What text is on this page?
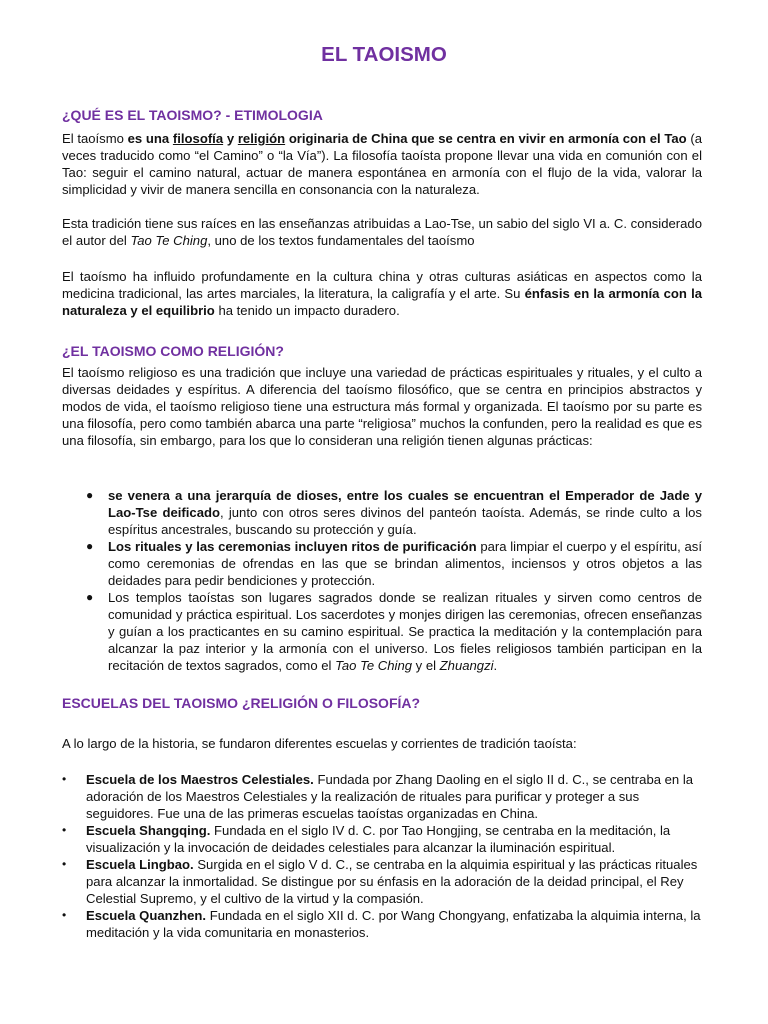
EL TAOISMO
¿QUÉ ES EL TAOISMO? - ETIMOLOGIA
El taoísmo es una filosofía y religión originaria de China que se centra en vivir en armonía con el Tao (a veces traducido como “el Camino” o “la Vía”). La filosofía taoísta propone llevar una vida en comunión con el Tao: seguir el camino natural, actuar de manera espontánea en armonía con el flujo de la vida, valorar la simplicidad y vivir de manera sencilla en consonancia con la naturaleza.
Esta tradición tiene sus raíces en las enseñanzas atribuidas a Lao-Tse, un sabio del siglo VI a. C. considerado el autor del Tao Te Ching, uno de los textos fundamentales del taoísmo
El taoísmo ha influido profundamente en la cultura china y otras culturas asiáticas en aspectos como la medicina tradicional, las artes marciales, la literatura, la caligrafía y el arte. Su énfasis en la armonía con la naturaleza y el equilibrio ha tenido un impacto duradero.
¿EL TAOISMO COMO RELIGIÓN?
El taoísmo religioso es una tradición que incluye una variedad de prácticas espirituales y rituales, y el culto a diversas deidades y espíritus. A diferencia del taoísmo filosófico, que se centra en principios abstractos y modos de vida, el taoísmo religioso tiene una estructura más formal y organizada. El taoísmo por su parte es una filosofía, pero como también abarca una parte “religiosa” muchos la confunden, pero la realidad es que es una filosofía, sin embargo, para los que lo consideran una religión tienen algunas prácticas:
● se venera a una jerarquía de dioses, entre los cuales se encuentran el Emperador de Jade y Lao-Tse deificado, junto con otros seres divinos del panteón taoísta. Además, se rinde culto a los espíritus ancestrales, buscando su protección y guía.
● Los rituales y las ceremonias incluyen ritos de purificación para limpiar el cuerpo y el espíritu, así como ceremonias de ofrendas en las que se brindan alimentos, inciensos y otros objetos a las deidades para pedir bendiciones y protección.
● Los templos taoístas son lugares sagrados donde se realizan rituales y sirven como centros de comunidad y práctica espiritual. Los sacerdotes y monjes dirigen las ceremonias, ofrecen enseñanzas y guían a los practicantes en su camino espiritual. Se practica la meditación y la contemplación para alcanzar la paz interior y la armonía con el universo. Los fieles religiosos también participan en la recitación de textos sagrados, como el Tao Te Ching y el Zhuangzi.
ESCUELAS DEL TAOISMO ¿RELIGIÓN O FILOSOFÍA?
A lo largo de la historia, se fundaron diferentes escuelas y corrientes de tradición taoísta:
• Escuela de los Maestros Celestiales. Fundada por Zhang Daoling en el siglo II d. C., se centraba en la adoración de los Maestros Celestiales y la realización de rituales para purificar y proteger a sus seguidores. Fue una de las primeras escuelas taoístas organizadas en China.
• Escuela Shangqing. Fundada en el siglo IV d. C. por Tao Hongjing, se centraba en la meditación, la visualización y la invocación de deidades celestiales para alcanzar la iluminación espiritual.
• Escuela Lingbao. Surgida en el siglo V d. C., se centraba en la alquimia espiritual y las prácticas rituales para alcanzar la inmortalidad. Se distingue por su énfasis en la adoración de la deidad principal, el Rey Celestial Supremo, y el cultivo de la virtud y la compasión.
• Escuela Quanzhen. Fundada en el siglo XII d. C. por Wang Chongyang, enfatizaba la alquimia interna, la meditación y la vida comunitaria en monasterios.
